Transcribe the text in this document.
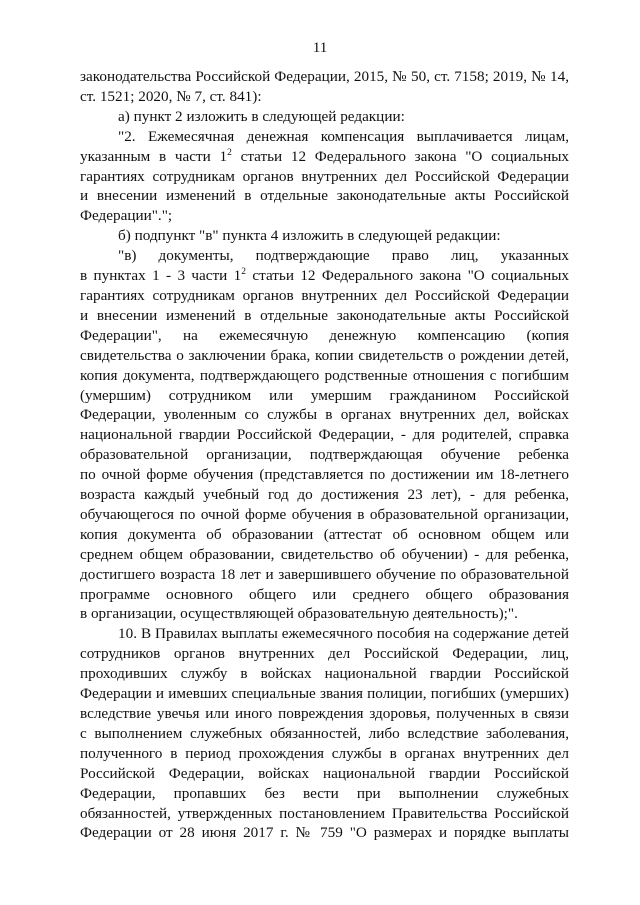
11

законодательства Российской Федерации, 2015, № 50, ст. 7158; 2019, № 14,
ст. 1521; 2020, № 7, ст. 841):

а) пункт 2 изложить в следующей редакции:

"2. Ежемесячная денежная компенсация выплачивается лицам,
указанным в части $1^2$ статьи 12 Федерального закона "О социальных
гарантиях сотрудникам органов внутренних дел Российской Федерации
и внесении изменений в отдельные законодательные акты Российской
Федерации".";

б) подпункт "в" пункта 4 изложить в следующей редакции:

"в) документы, подтверждающие право лиц, указанных
в пунктах 1 - 3 части $1^2$ статьи 12 Федерального закона "О социальных
гарантиях сотрудникам органов внутренних дел Российской Федерации
и внесении изменений в отдельные законодательные акты Российской
Федерации", на ежемесячную денежную компенсацию (копия
свидетельства о заключении брака, копии свидетельств о рождении детей,
копия документа, подтверждающего родственные отношения с погибшим
(умершим) сотрудником или умершим гражданином Российской
Федерации, уволенным со службы в органах внутренних дел, войсках
национальной гвардии Российской Федерации, - для родителей, справка
образовательной организации, подтверждающая обучение ребенка
по очной форме обучения (представляется по достижении им 18-летнего
возраста каждый учебный год до достижения 23 лет), - для ребенка,
обучающегося по очной форме обучения в образовательной организации,
копия документа об образовании (аттестат об основном общем или
среднем общем образовании, свидетельство об обучении) - для ребенка,
достигшего возраста 18 лет и завершившего обучение по образовательной
программе основного общего или среднего общего образования
в организации, осуществляющей образовательную деятельность);".

10. В Правилах выплаты ежемесячного пособия на содержание детей
сотрудников органов внутренних дел Российской Федерации, лиц,
проходивших службу в войсках национальной гвардии Российской
Федерации и имевших специальные звания полиции, погибших (умерших)
вследствие увечья или иного повреждения здоровья, полученных в связи
с выполнением служебных обязанностей, либо вследствие заболевания,
полученного в период прохождения службы в органах внутренних дел
Российской Федерации, войсках национальной гвардии Российской
Федерации, пропавших без вести при выполнении служебных
обязанностей, утвержденных постановлением Правительства Российской
Федерации от 28 июня 2017 г. № 759 "О размерах и порядке выплаты
